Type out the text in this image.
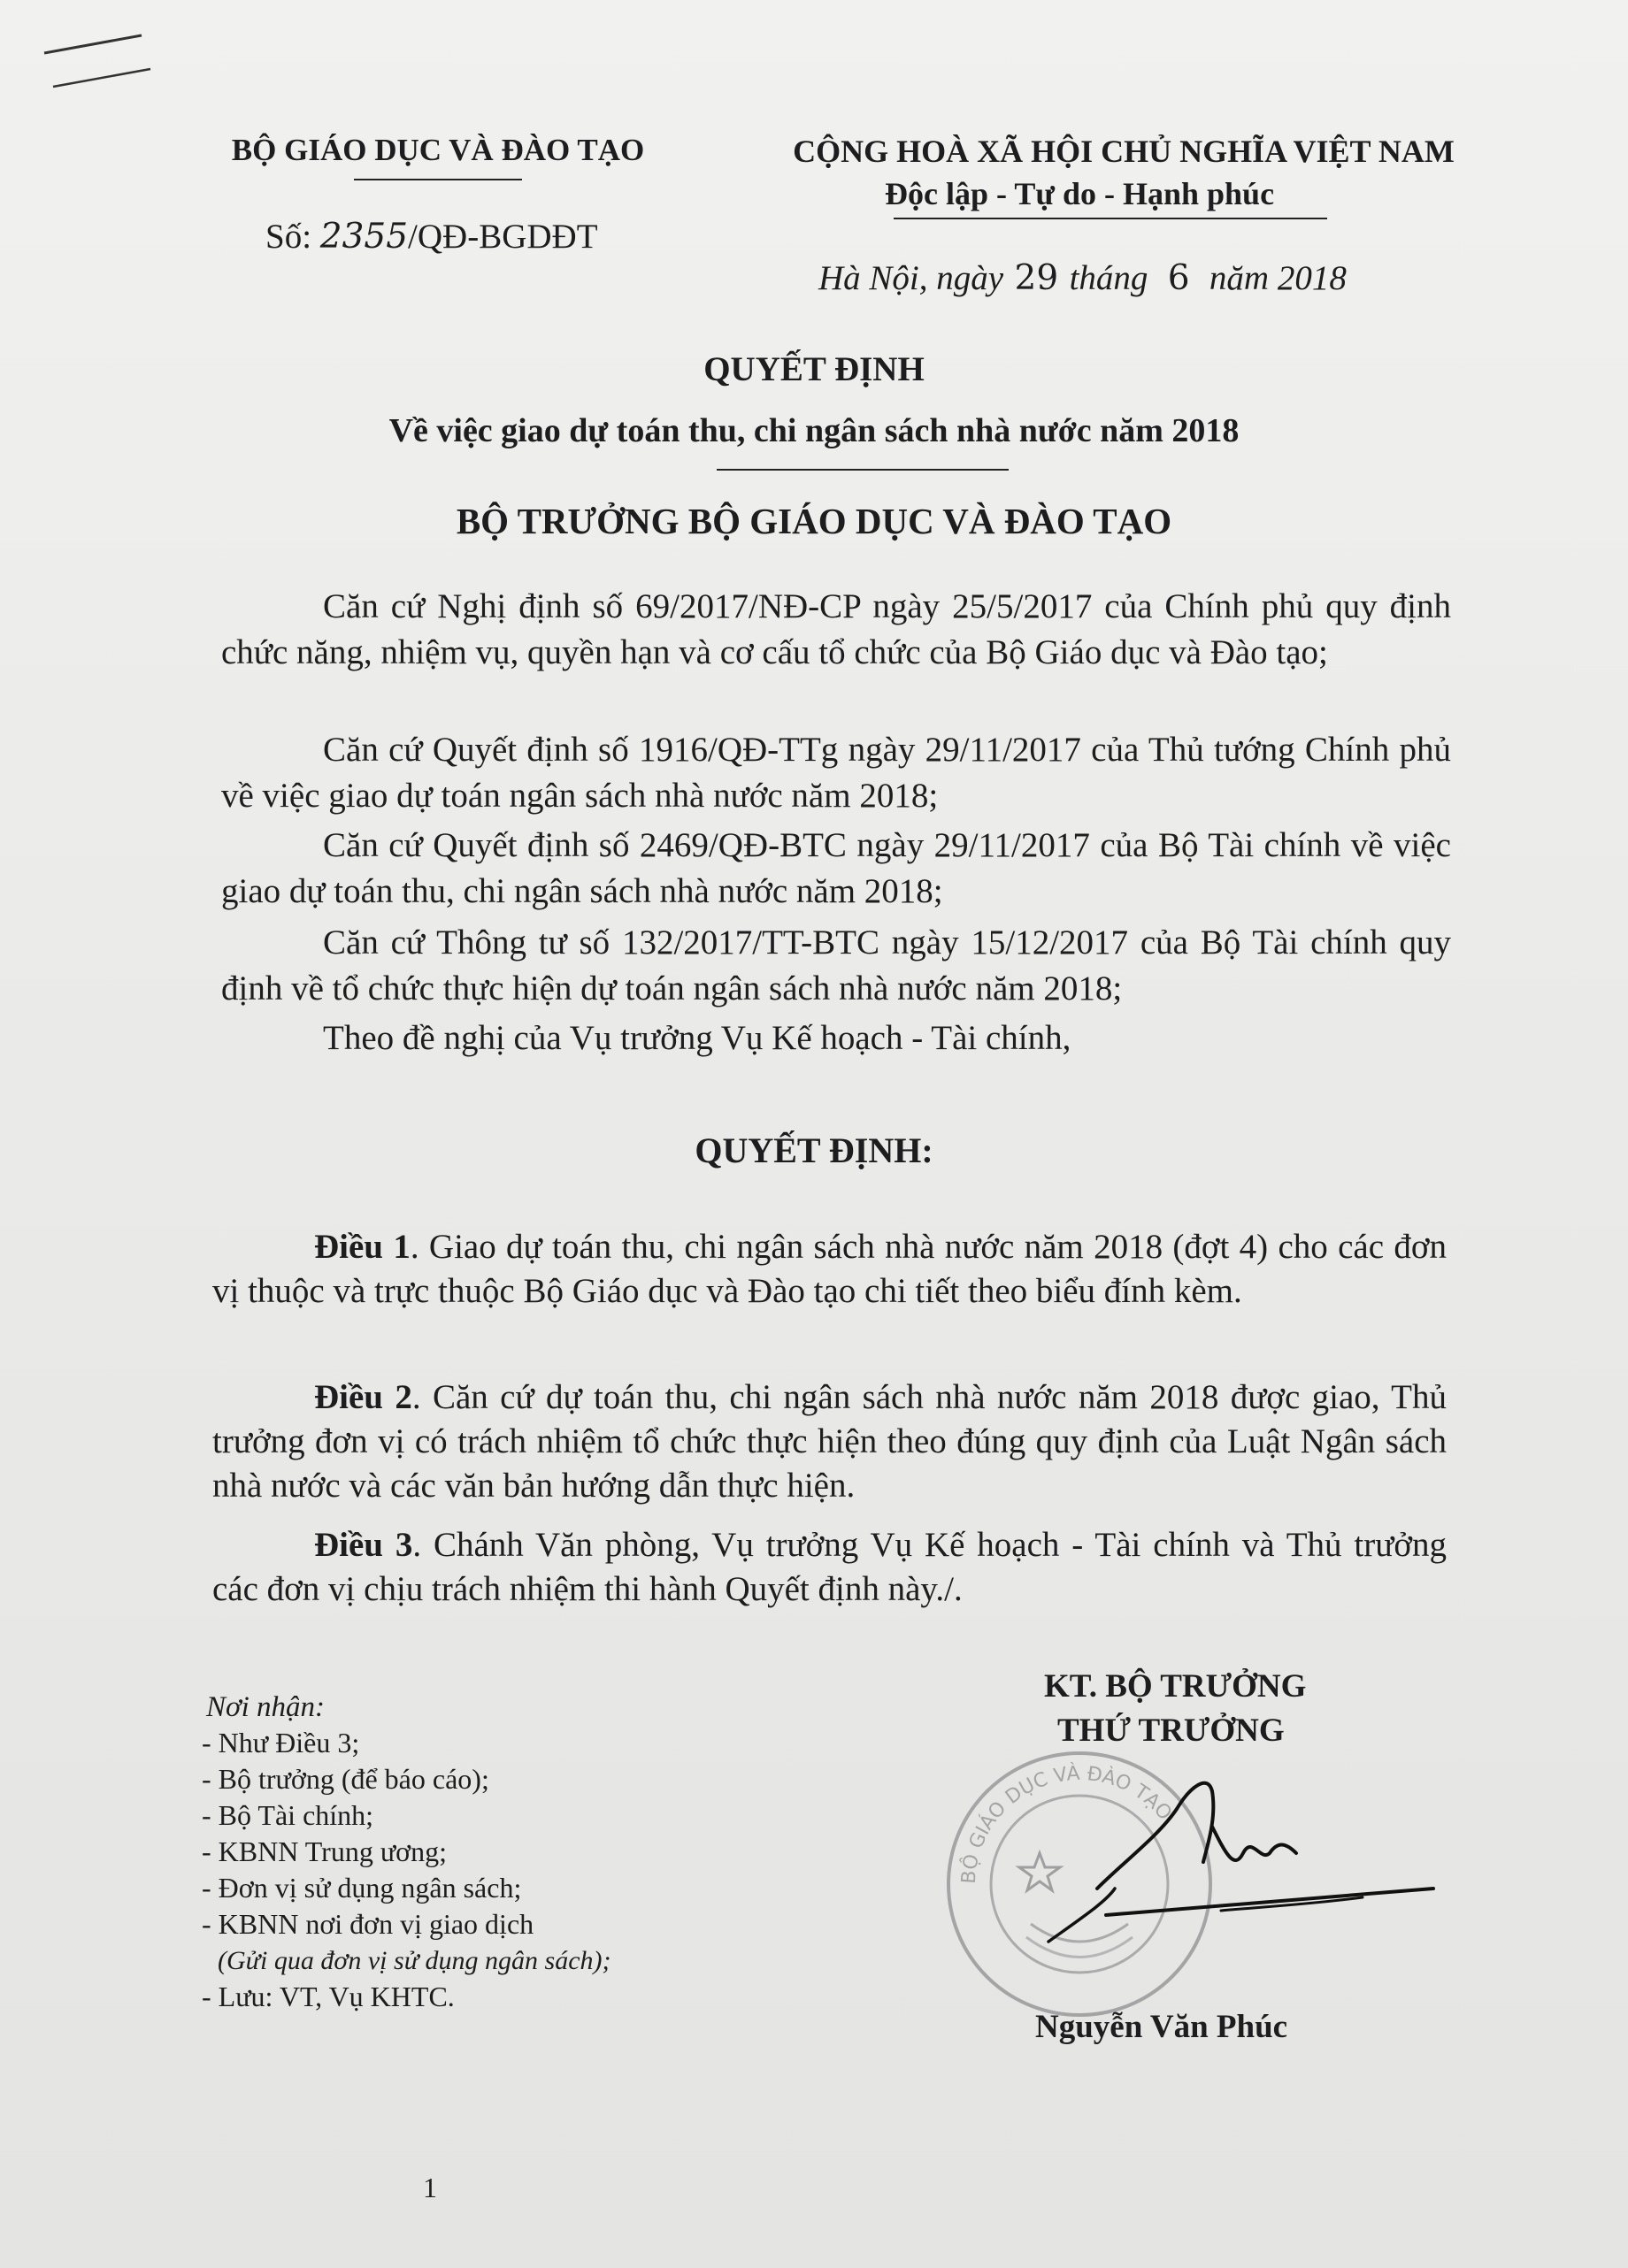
BỘ GIÁO DỤC VÀ ĐÀO TẠO
Số: 2355/QĐ-BGDĐT
CỘNG HOÀ XÃ HỘI CHỦ NGHĨA VIỆT NAM
Độc lập - Tự do - Hạnh phúc
Hà Nội, ngày 29 tháng 6 năm 2018
QUYẾT ĐỊNH
Về việc giao dự toán thu, chi ngân sách nhà nước năm 2018
BỘ TRƯỞNG BỘ GIÁO DỤC VÀ ĐÀO TẠO
Căn cứ Nghị định số 69/2017/NĐ-CP ngày 25/5/2017 của Chính phủ quy định chức năng, nhiệm vụ, quyền hạn và cơ cấu tổ chức của Bộ Giáo dục và Đào tạo;
Căn cứ Quyết định số 1916/QĐ-TTg ngày 29/11/2017 của Thủ tướng Chính phủ về việc giao dự toán ngân sách nhà nước năm 2018;
Căn cứ Quyết định số 2469/QĐ-BTC ngày 29/11/2017 của Bộ Tài chính về việc giao dự toán thu, chi ngân sách nhà nước năm 2018;
Căn cứ Thông tư số 132/2017/TT-BTC ngày 15/12/2017 của Bộ Tài chính quy định về tổ chức thực hiện dự toán ngân sách nhà nước năm 2018;
Theo đề nghị của Vụ trưởng Vụ Kế hoạch - Tài chính,
QUYẾT ĐỊNH:
Điều 1. Giao dự toán thu, chi ngân sách nhà nước năm 2018 (đợt 4) cho các đơn vị thuộc và trực thuộc Bộ Giáo dục và Đào tạo chi tiết theo biểu đính kèm.
Điều 2. Căn cứ dự toán thu, chi ngân sách nhà nước năm 2018 được giao, Thủ trưởng đơn vị có trách nhiệm tổ chức thực hiện theo đúng quy định của Luật Ngân sách nhà nước và các văn bản hướng dẫn thực hiện.
Điều 3. Chánh Văn phòng, Vụ trưởng Vụ Kế hoạch - Tài chính và Thủ trưởng các đơn vị chịu trách nhiệm thi hành Quyết định này./.
Nơi nhận:
- Như Điều 3;
- Bộ trưởng (để báo cáo);
- Bộ Tài chính;
- KBNN Trung ương;
- Đơn vị sử dụng ngân sách;
- KBNN nơi đơn vị giao dịch
(Gửi qua đơn vị sử dụng ngân sách);
- Lưu: VT, Vụ KHTC.
KT. BỘ TRƯỞNG
THỨ TRƯỞNG
BỘ GIÁO DỤC VÀ ĐÀO TẠO
Nguyễn Văn Phúc
1
